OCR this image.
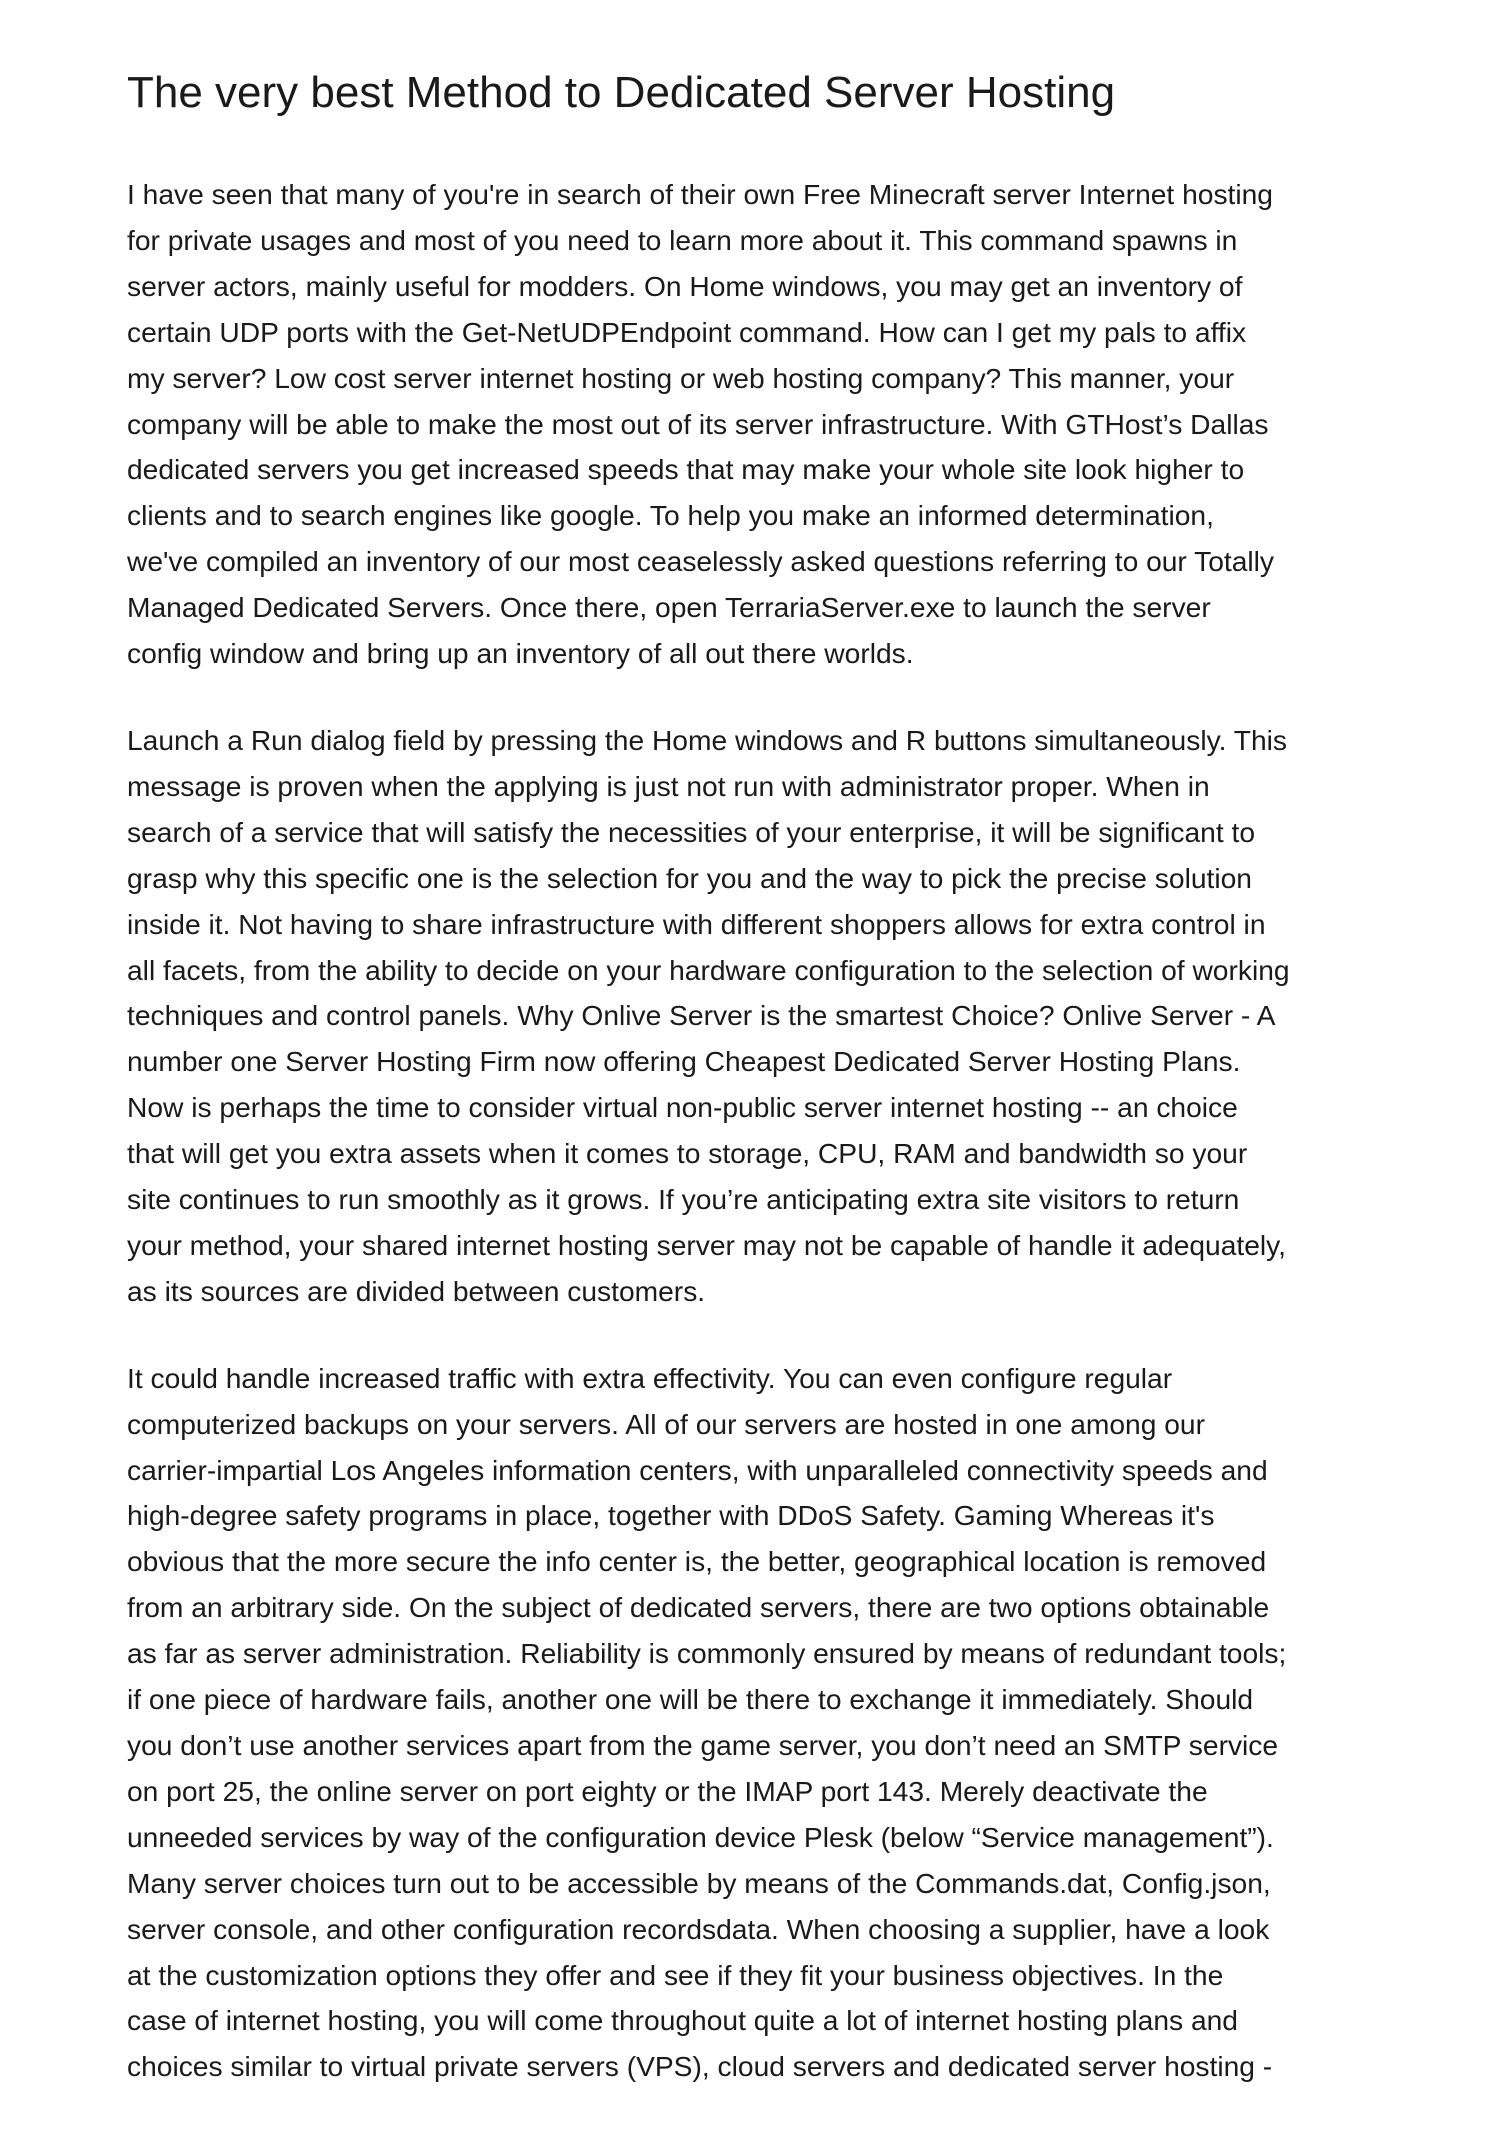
The very best Method to Dedicated Server Hosting
I have seen that many of you're in search of their own Free Minecraft server Internet hosting
for private usages and most of you need to learn more about it. This command spawns in
server actors, mainly useful for modders. On Home windows, you may get an inventory of
certain UDP ports with the Get-NetUDPEndpoint command. How can I get my pals to affix
my server? Low cost server internet hosting or web hosting company? This manner, your
company will be able to make the most out of its server infrastructure. With GTHost’s Dallas
dedicated servers you get increased speeds that may make your whole site look higher to
clients and to search engines like google. To help you make an informed determination,
we've compiled an inventory of our most ceaselessly asked questions referring to our Totally
Managed Dedicated Servers. Once there, open TerrariaServer.exe to launch the server
config window and bring up an inventory of all out there worlds.
Launch a Run dialog field by pressing the Home windows and R buttons simultaneously. This
message is proven when the applying is just not run with administrator proper. When in
search of a service that will satisfy the necessities of your enterprise, it will be significant to
grasp why this specific one is the selection for you and the way to pick the precise solution
inside it. Not having to share infrastructure with different shoppers allows for extra control in
all facets, from the ability to decide on your hardware configuration to the selection of working
techniques and control panels. Why Onlive Server is the smartest Choice? Onlive Server - A
number one Server Hosting Firm now offering Cheapest Dedicated Server Hosting Plans.
Now is perhaps the time to consider virtual non-public server internet hosting -- an choice
that will get you extra assets when it comes to storage, CPU, RAM and bandwidth so your
site continues to run smoothly as it grows. If you’re anticipating extra site visitors to return
your method, your shared internet hosting server may not be capable of handle it adequately,
as its sources are divided between customers.
It could handle increased traffic with extra effectivity. You can even configure regular
computerized backups on your servers. All of our servers are hosted in one among our
carrier-impartial Los Angeles information centers, with unparalleled connectivity speeds and
high-degree safety programs in place, together with DDoS Safety. Gaming Whereas it's
obvious that the more secure the info center is, the better, geographical location is removed
from an arbitrary side. On the subject of dedicated servers, there are two options obtainable
as far as server administration. Reliability is commonly ensured by means of redundant tools;
if one piece of hardware fails, another one will be there to exchange it immediately. Should
you don’t use another services apart from the game server, you don’t need an SMTP service
on port 25, the online server on port eighty or the IMAP port 143. Merely deactivate the
unneeded services by way of the configuration device Plesk (below “Service management”).
Many server choices turn out to be accessible by means of the Commands.dat, Config.json,
server console, and other configuration recordsdata. When choosing a supplier, have a look
at the customization options they offer and see if they fit your business objectives. In the
case of internet hosting, you will come throughout quite a lot of internet hosting plans and
choices similar to virtual private servers (VPS), cloud servers and dedicated server hosting -
